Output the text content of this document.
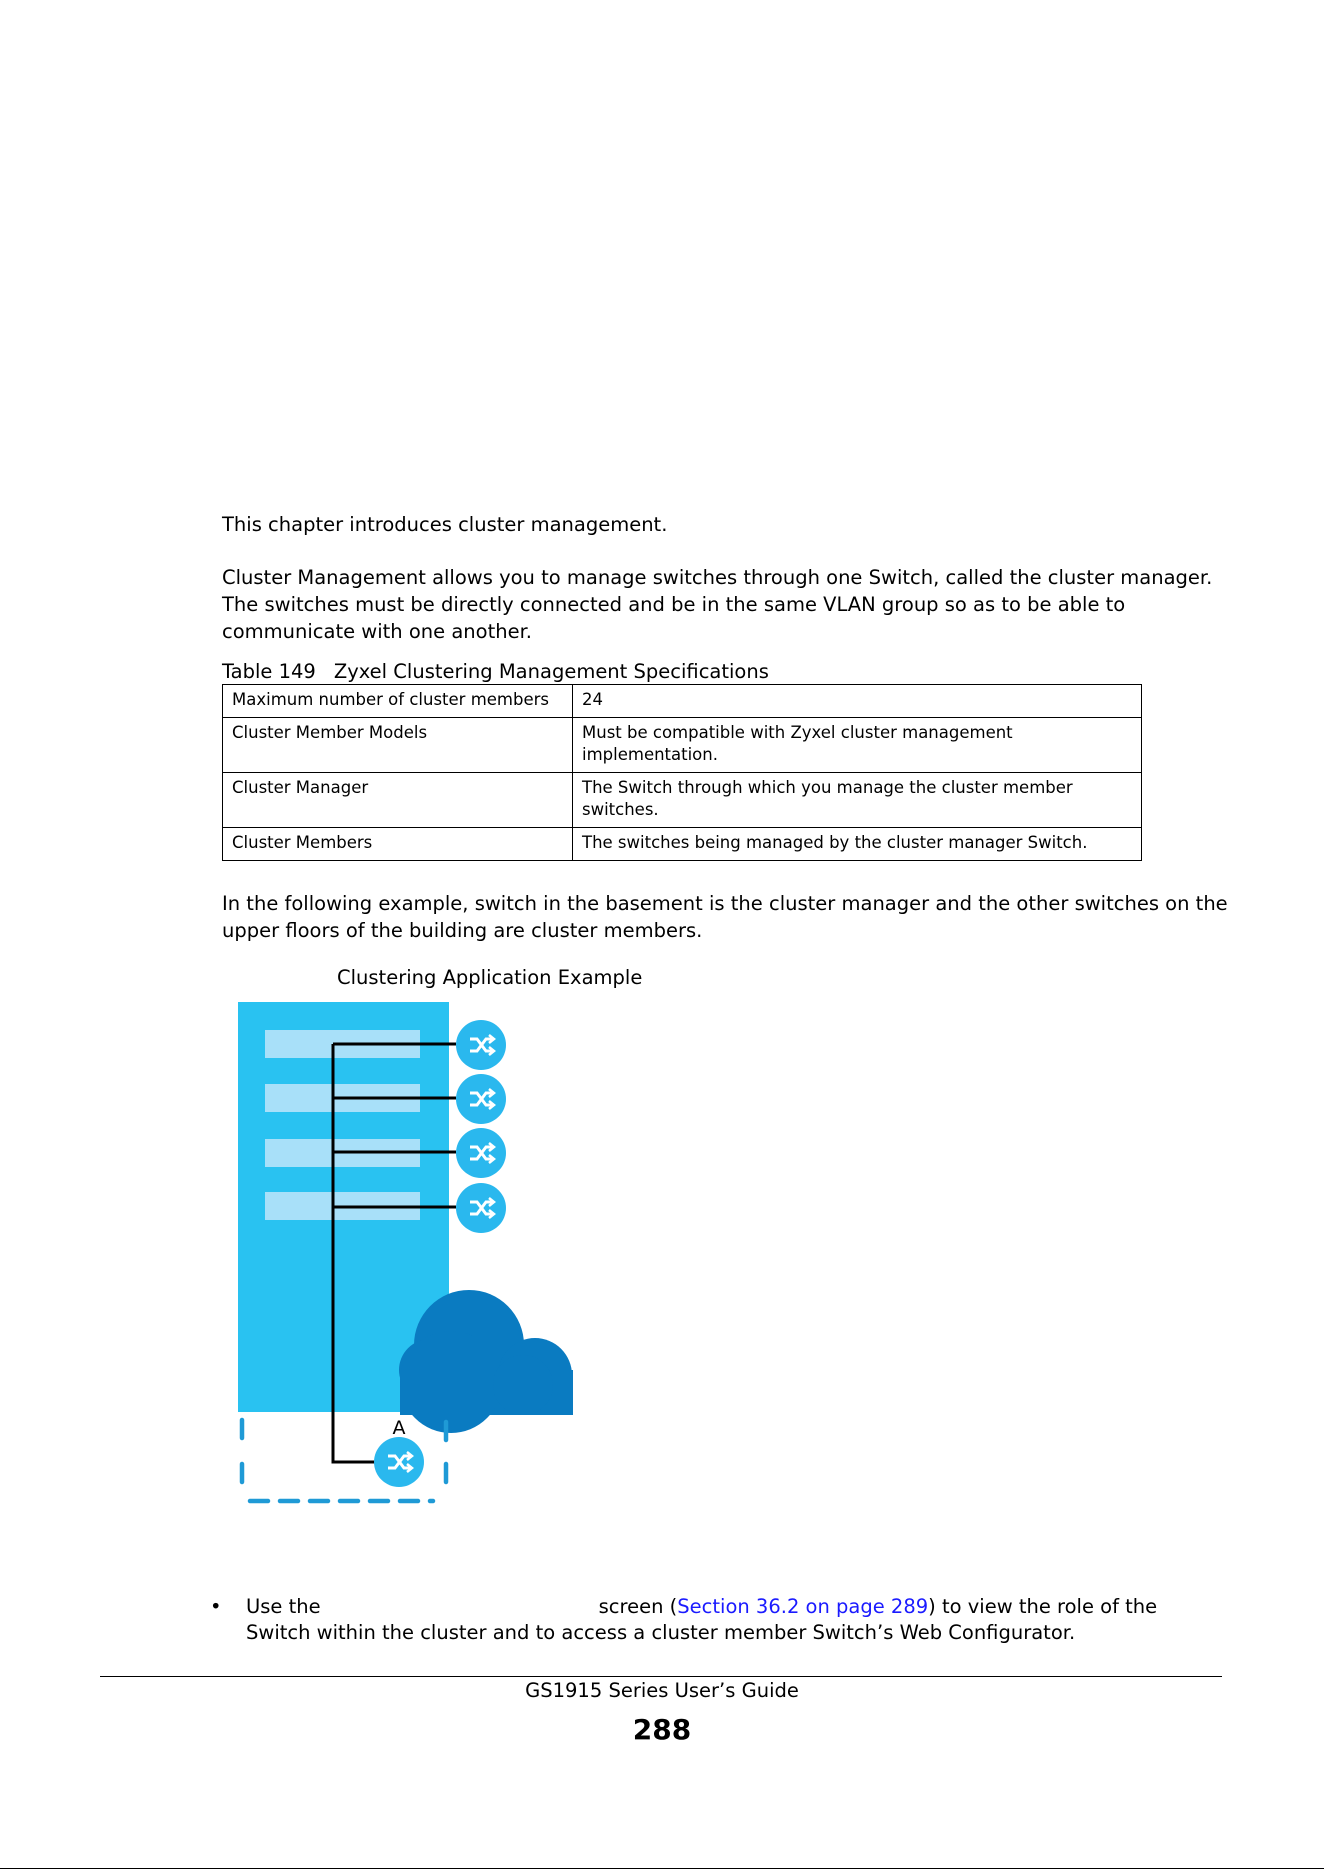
This chapter introduces cluster management.
Cluster Management allows you to manage switches through one Switch, called the cluster manager. The switches must be directly connected and be in the same VLAN group so as to be able to communicate with one another.
Table 149 Zyxel Clustering Management Specifications
Maximum number of cluster members	24
Cluster Member Models	Must be compatible with Zyxel cluster management implementation.
Cluster Manager	The Switch through which you manage the cluster member switches.
Cluster Members	The switches being managed by the cluster manager Switch.
In the following example, switch in the basement is the cluster manager and the other switches on the upper floors of the building are cluster members.
Clustering Application Example
A
• Use the	screen (Section 36.2 on page 289) to view the role of the Switch within the cluster and to access a cluster member Switch’s Web Configurator.
GS1915 Series User’s Guide
288
